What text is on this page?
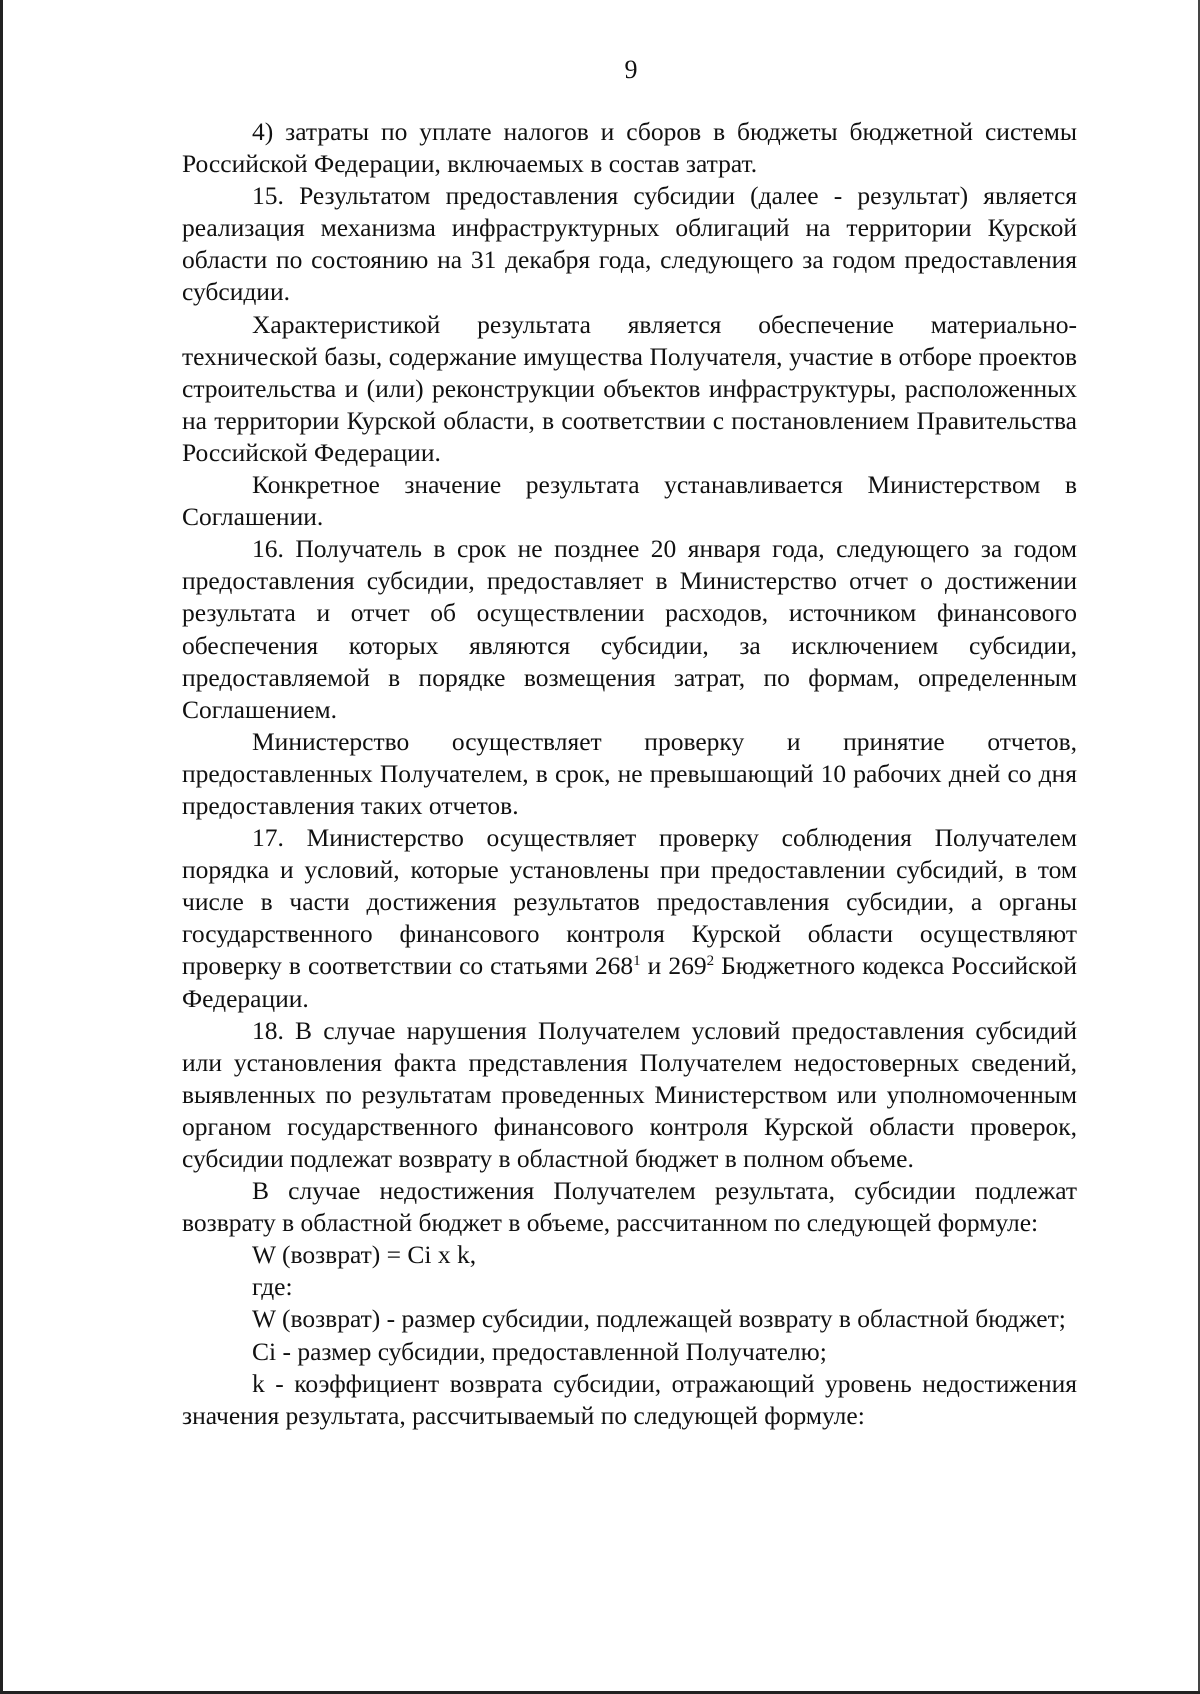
9

4) затраты по уплате налогов и сборов в бюджеты бюджетной системы Российской Федерации, включаемых в состав затрат.

15. Результатом предоставления субсидии (далее - результат) является реализация механизма инфраструктурных облигаций на территории Курской области по состоянию на 31 декабря года, следующего за годом предоставления субсидии.

Характеристикой результата является обеспечение материально-технической базы, содержание имущества Получателя, участие в отборе проектов строительства и (или) реконструкции объектов инфраструктуры, расположенных на территории Курской области, в соответствии с постановлением Правительства Российской Федерации.

Конкретное значение результата устанавливается Министерством в Соглашении.

16. Получатель в срок не позднее 20 января года, следующего за годом предоставления субсидии, предоставляет в Министерство отчет о достижении результата и отчет об осуществлении расходов, источником финансового обеспечения которых являются субсидии, за исключением субсидии, предоставляемой в порядке возмещения затрат, по формам, определенным Соглашением.

Министерство осуществляет проверку и принятие отчетов, предоставленных Получателем, в срок, не превышающий 10 рабочих дней со дня предоставления таких отчетов.

17. Министерство осуществляет проверку соблюдения Получателем порядка и условий, которые установлены при предоставлении субсидий, в том числе в части достижения результатов предоставления субсидии, а органы государственного финансового контроля Курской области осуществляют проверку в соответствии со статьями $268^1$ и $269^2$ Бюджетного кодекса Российской Федерации.

18. В случае нарушения Получателем условий предоставления субсидий или установления факта представления Получателем недостоверных сведений, выявленных по результатам проведенных Министерством или уполномоченным органом государственного финансового контроля Курской области проверок, субсидии подлежат возврату в областной бюджет в полном объеме.

В случае недостижения Получателем результата, субсидии подлежат возврату в областной бюджет в объеме, рассчитанном по следующей формуле:

W (возврат) = Ci x k,

где:

W (возврат) - размер субсидии, подлежащей возврату в областной бюджет;

Ci - размер субсидии, предоставленной Получателю;

k - коэффициент возврата субсидии, отражающий уровень недостижения значения результата, рассчитываемый по следующей формуле:
